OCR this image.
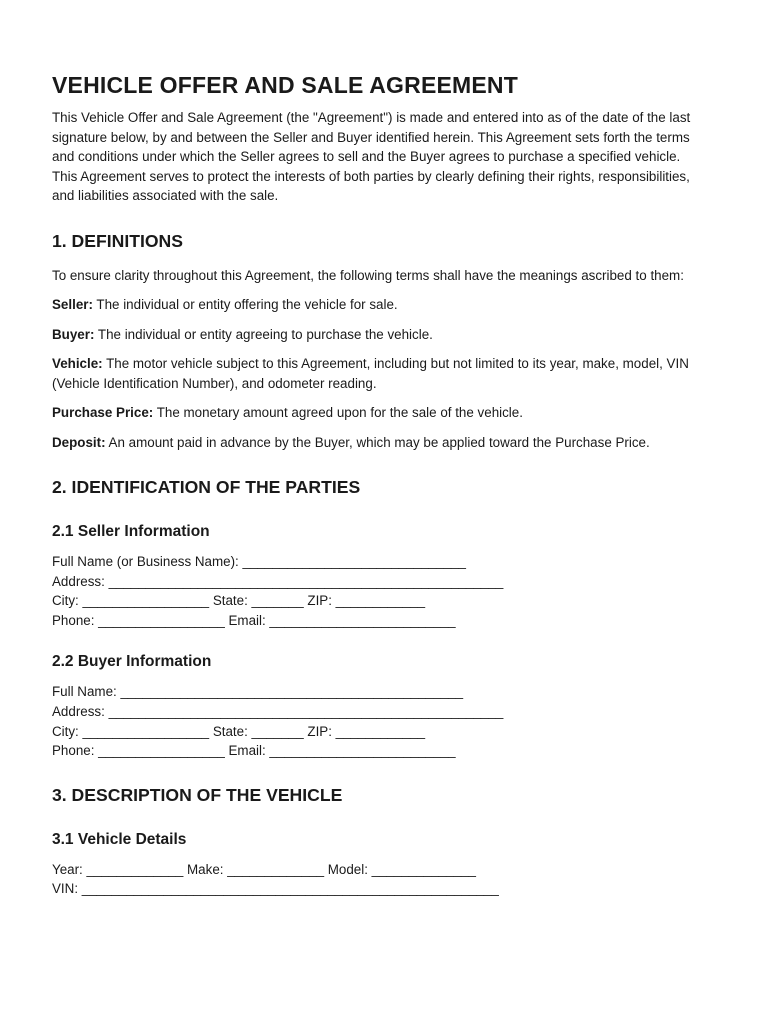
VEHICLE OFFER AND SALE AGREEMENT

This Vehicle Offer and Sale Agreement (the "Agreement") is made and entered into as of the date of the last signature below, by and between the Seller and Buyer identified herein. This Agreement sets forth the terms and conditions under which the Seller agrees to sell and the Buyer agrees to purchase a specified vehicle. This Agreement serves to protect the interests of both parties by clearly defining their rights, responsibilities, and liabilities associated with the sale.

1. DEFINITIONS

To ensure clarity throughout this Agreement, the following terms shall have the meanings ascribed to them:

Seller: The individual or entity offering the vehicle for sale.

Buyer: The individual or entity agreeing to purchase the vehicle.

Vehicle: The motor vehicle subject to this Agreement, including but not limited to its year, make, model, VIN (Vehicle Identification Number), and odometer reading.

Purchase Price: The monetary amount agreed upon for the sale of the vehicle.

Deposit: An amount paid in advance by the Buyer, which may be applied toward the Purchase Price.

2. IDENTIFICATION OF THE PARTIES
2.1 Seller Information

Full Name (or Business Name): ______________________________

Address: _____________________________________________________

City: _________________ State: _______ ZIP: ____________

Phone: _________________ Email: _________________________

2.2 Buyer Information

Full Name: ______________________________________________

Address: _____________________________________________________

City: _________________ State: _______ ZIP: ____________

Phone: _________________ Email: _________________________

3. DESCRIPTION OF THE VEHICLE
3.1 Vehicle Details

Year: _____________ Make: _____________ Model: ______________

VIN: ________________________________________________________
